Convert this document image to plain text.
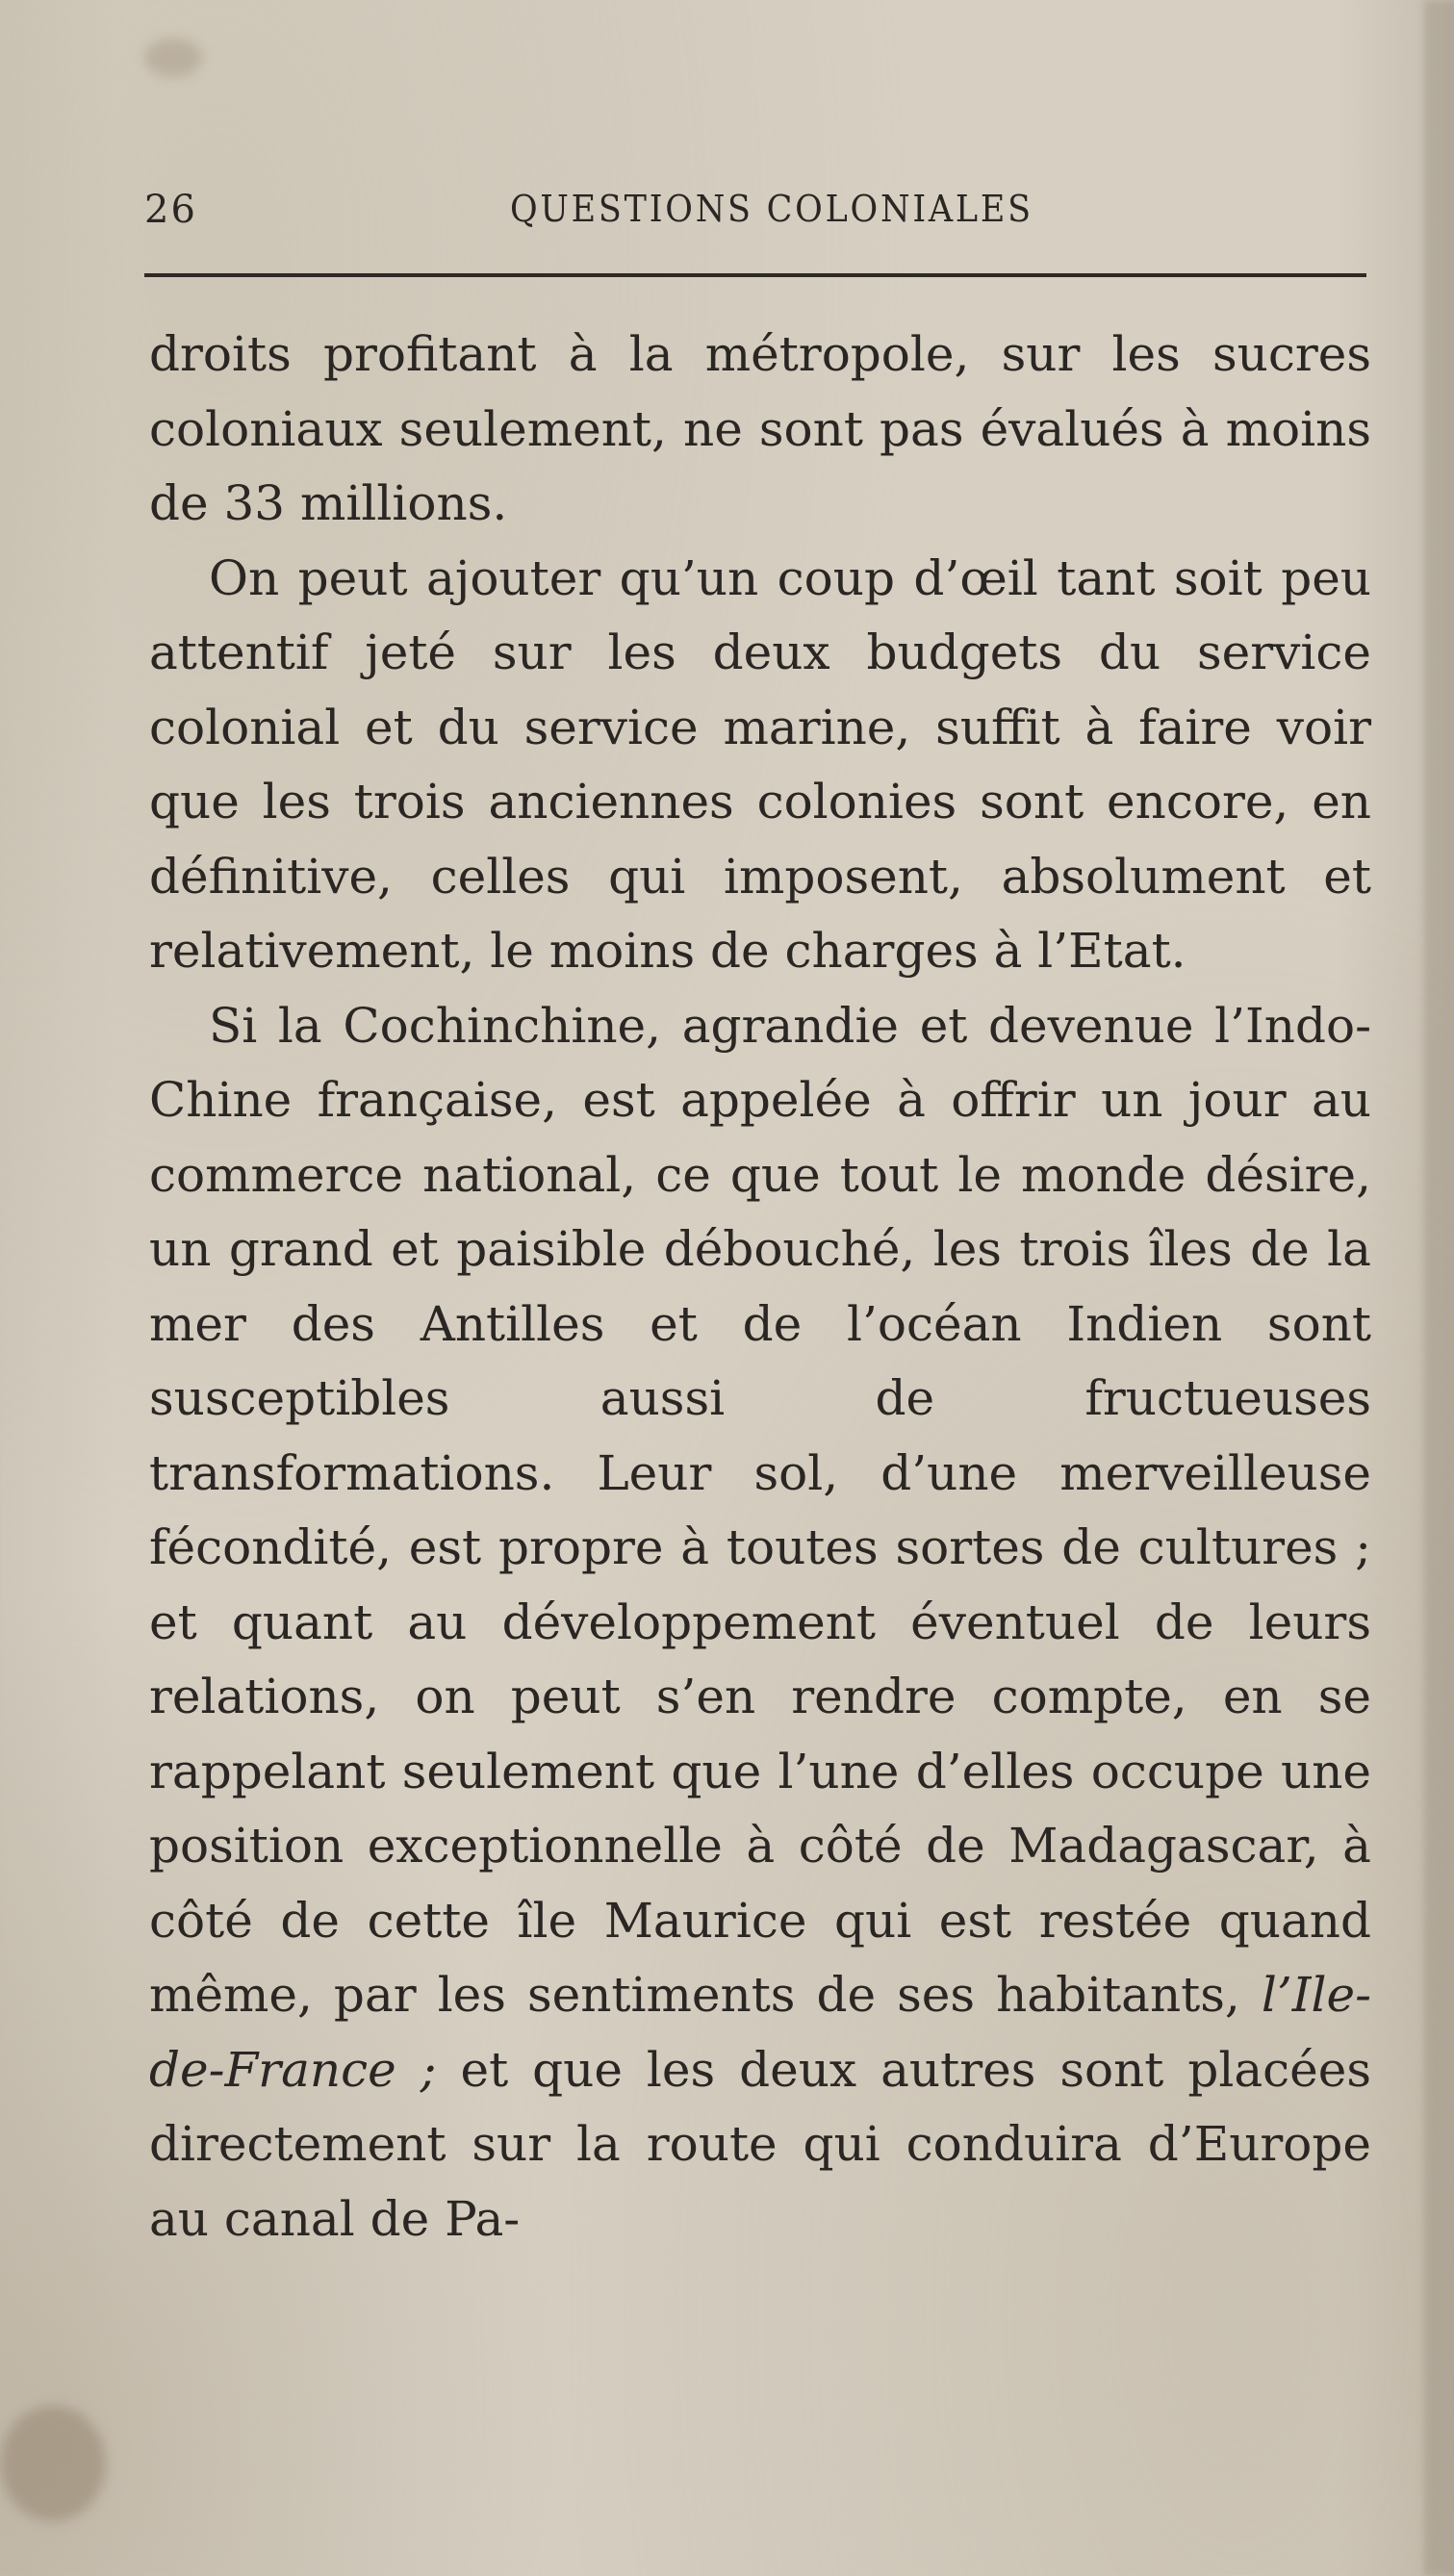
26	QUESTIONS COLONIALES

droits profitant à la métropole, sur les sucres coloniaux seulement, ne sont pas évalués à moins de 33 millions.

On peut ajouter qu’un coup d’œil tant soit peu attentif jeté sur les deux budgets du service colonial et du service marine, suffit à faire voir que les trois anciennes colonies sont encore, en définitive, celles qui imposent, absolument et relativement, le moins de charges à l’Etat.

Si la Cochinchine, agrandie et devenue l’Indo-Chine française, est appelée à offrir un jour au commerce national, ce que tout le monde désire, un grand et paisible débouché, les trois îles de la mer des Antilles et de l’océan Indien sont susceptibles aussi de fructueuses transformations. Leur sol, d’une merveilleuse fécondité, est propre à toutes sortes de cultures ; et quant au développement éventuel de leurs relations, on peut s’en rendre compte, en se rappelant seulement que l’une d’elles occupe une position exceptionnelle à côté de Madagascar, à côté de cette île Maurice qui est restée quand même, par les sentiments de ses habitants, l’Ile-de-France ; et que les deux autres sont placées directement sur la route qui conduira d’Europe au canal de Pa-
